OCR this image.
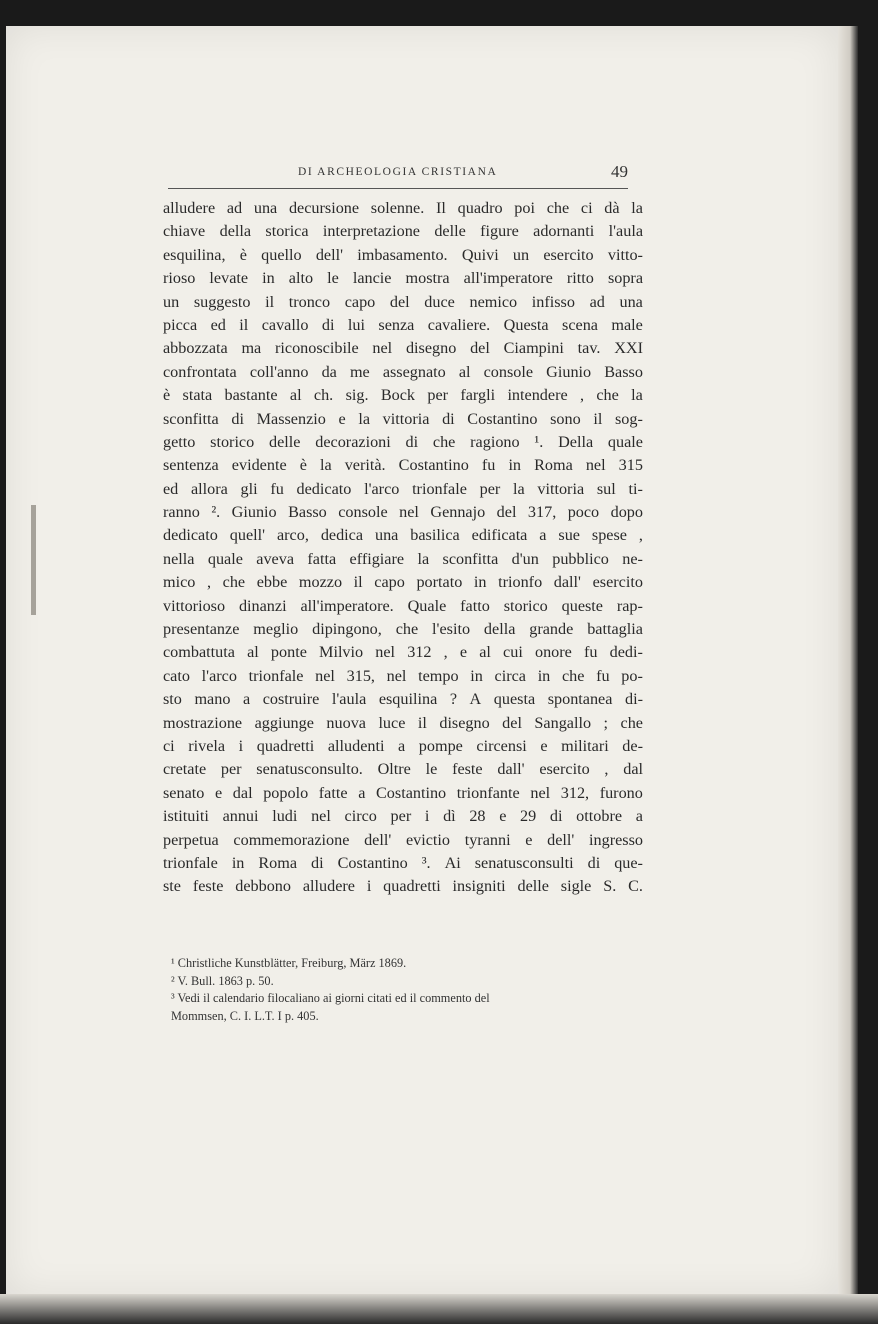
DI ARCHEOLOGIA CRISTIANA	49
alludere ad una decursione solenne. Il quadro poi che ci dà la
chiave della storica interpretazione delle figure adornanti l'aula
esquilina, è quello dell' imbasamento. Quivi un esercito vitto-
rioso levate in alto le lancie mostra all'imperatore ritto sopra
un suggesto il tronco capo del duce nemico infisso ad una
picca ed il cavallo di lui senza cavaliere. Questa scena male
abbozzata ma riconoscibile nel disegno del Ciampini tav. XXI
confrontata coll'anno da me assegnato al console Giunio Basso
è stata bastante al ch. sig. Bock per fargli intendere , che la
sconfitta di Massenzio e la vittoria di Costantino sono il sog-
getto storico delle decorazioni di che ragiono ¹. Della quale
sentenza evidente è la verità. Costantino fu in Roma nel 315
ed allora gli fu dedicato l'arco trionfale per la vittoria sul ti-
ranno ². Giunio Basso console nel Gennajo del 317, poco dopo
dedicato quell' arco, dedica una basilica edificata a sue spese ,
nella quale aveva fatta effigiare la sconfitta d'un pubblico ne-
mico , che ebbe mozzo il capo portato in trionfo dall' esercito
vittorioso dinanzi all'imperatore. Quale fatto storico queste rap-
presentanze meglio dipingono, che l'esito della grande battaglia
combattuta al ponte Milvio nel 312 , e al cui onore fu dedi-
cato l'arco trionfale nel 315, nel tempo in circa in che fu po-
sto mano a costruire l'aula esquilina ? A questa spontanea di-
mostrazione aggiunge nuova luce il disegno del Sangallo ; che
ci rivela i quadretti alludenti a pompe circensi e militari de-
cretate per senatusconsulto. Oltre le feste dall' esercito , dal
senato e dal popolo fatte a Costantino trionfante nel 312, furono
istituiti annui ludi nel circo per i dì 28 e 29 di ottobre a
perpetua commemorazione dell' evictio tyranni e dell' ingresso
trionfale in Roma di Costantino ³. Ai senatusconsulti di que-
ste feste debbono alludere i quadretti insigniti delle sigle S. C.
¹ Christliche Kunstblätter, Freiburg, März 1869.
² V. Bull. 1863 p. 50.
³ Vedi il calendario filocaliano ai giorni citati ed il commento del
Mommsen, C. I. L.T. I p. 405.
